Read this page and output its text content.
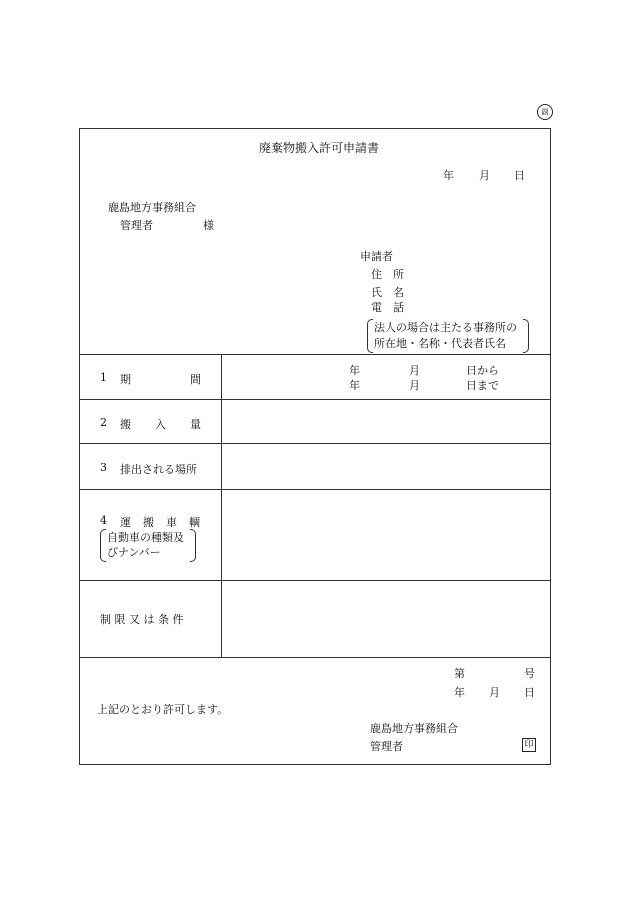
副
廃棄物搬入許可申請書
年 月 日
鹿島地方事務組合
管理者	様
申請者
住　所
氏　名
電　話
法人の場合は主たる事務所の
所在地・名称・代表者氏名
1 期	間
年	月	日から
年	月	日まで
2 搬 入 量
3 排出される場所
4 運 搬 車 輌
自動車の種類及
びナンバー
制 限 又 は 条 件
第	号
年 月 日
上記のとおり許可します。
鹿島地方事務組合
管理者	印
